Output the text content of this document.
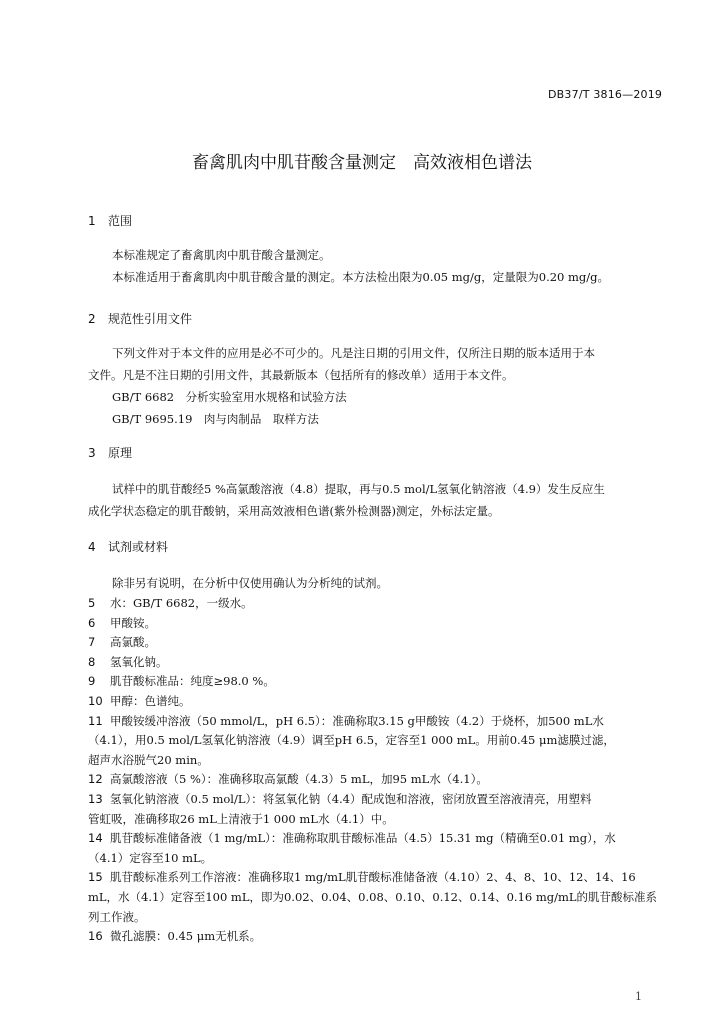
DB37/T 3816—2019
畜禽肌肉中肌苷酸含量测定　高效液相色谱法
1 范围
本标准规定了畜禽肌肉中肌苷酸含量测定。
本标准适用于畜禽肌肉中肌苷酸含量的测定。本方法检出限为0.05 mg/g，定量限为0.20 mg/g。
2 规范性引用文件
下列文件对于本文件的应用是必不可少的。凡是注日期的引用文件，仅所注日期的版本适用于本
文件。凡是不注日期的引用文件，其最新版本（包括所有的修改单）适用于本文件。
GB/T 6682　分析实验室用水规格和试验方法
GB/T 9695.19　肉与肉制品　取样方法
3 原理
试样中的肌苷酸经5 %高氯酸溶液（4.8）提取，再与0.5 mol/L氢氧化钠溶液（4.9）发生反应生
成化学状态稳定的肌苷酸钠，采用高效液相色谱(紫外检测器)测定，外标法定量。
4 试剂或材料
除非另有说明，在分析中仅使用确认为分析纯的试剂。
5 水：GB/T 6682，一级水。
6 甲酸铵。
7 高氯酸。
8 氢氧化钠。
9 肌苷酸标准品：纯度≥98.0 %。
10 甲醇：色谱纯。
11 甲酸铵缓冲溶液（50 mmol/L，pH 6.5）：准确称取3.15 g甲酸铵（4.2）于烧杯，加500 mL水
（4.1），用0.5 mol/L氢氧化钠溶液（4.9）调至pH 6.5，定容至1 000 mL。用前0.45 μm滤膜过滤，
超声水浴脱气20 min。
12 高氯酸溶液（5 %）：准确移取高氯酸（4.3）5 mL，加95 mL水（4.1）。
13 氢氧化钠溶液（0.5 mol/L）：将氢氧化钠（4.4）配成饱和溶液，密闭放置至溶液清亮，用塑料
管虹吸，准确移取26 mL上清液于1 000 mL水（4.1）中。
14 肌苷酸标准储备液（1 mg/mL）：准确称取肌苷酸标准品（4.5）15.31 mg（精确至0.01 mg），水
（4.1）定容至10 mL。
15 肌苷酸标准系列工作溶液：准确移取1 mg/mL肌苷酸标准储备液（4.10）2、4、8、10、12、14、16
mL，水（4.1）定容至100 mL，即为0.02、0.04、0.08、0.10、0.12、0.14、0.16 mg/mL的肌苷酸标准系
列工作液。
16 微孔滤膜：0.45 μm无机系。
1
